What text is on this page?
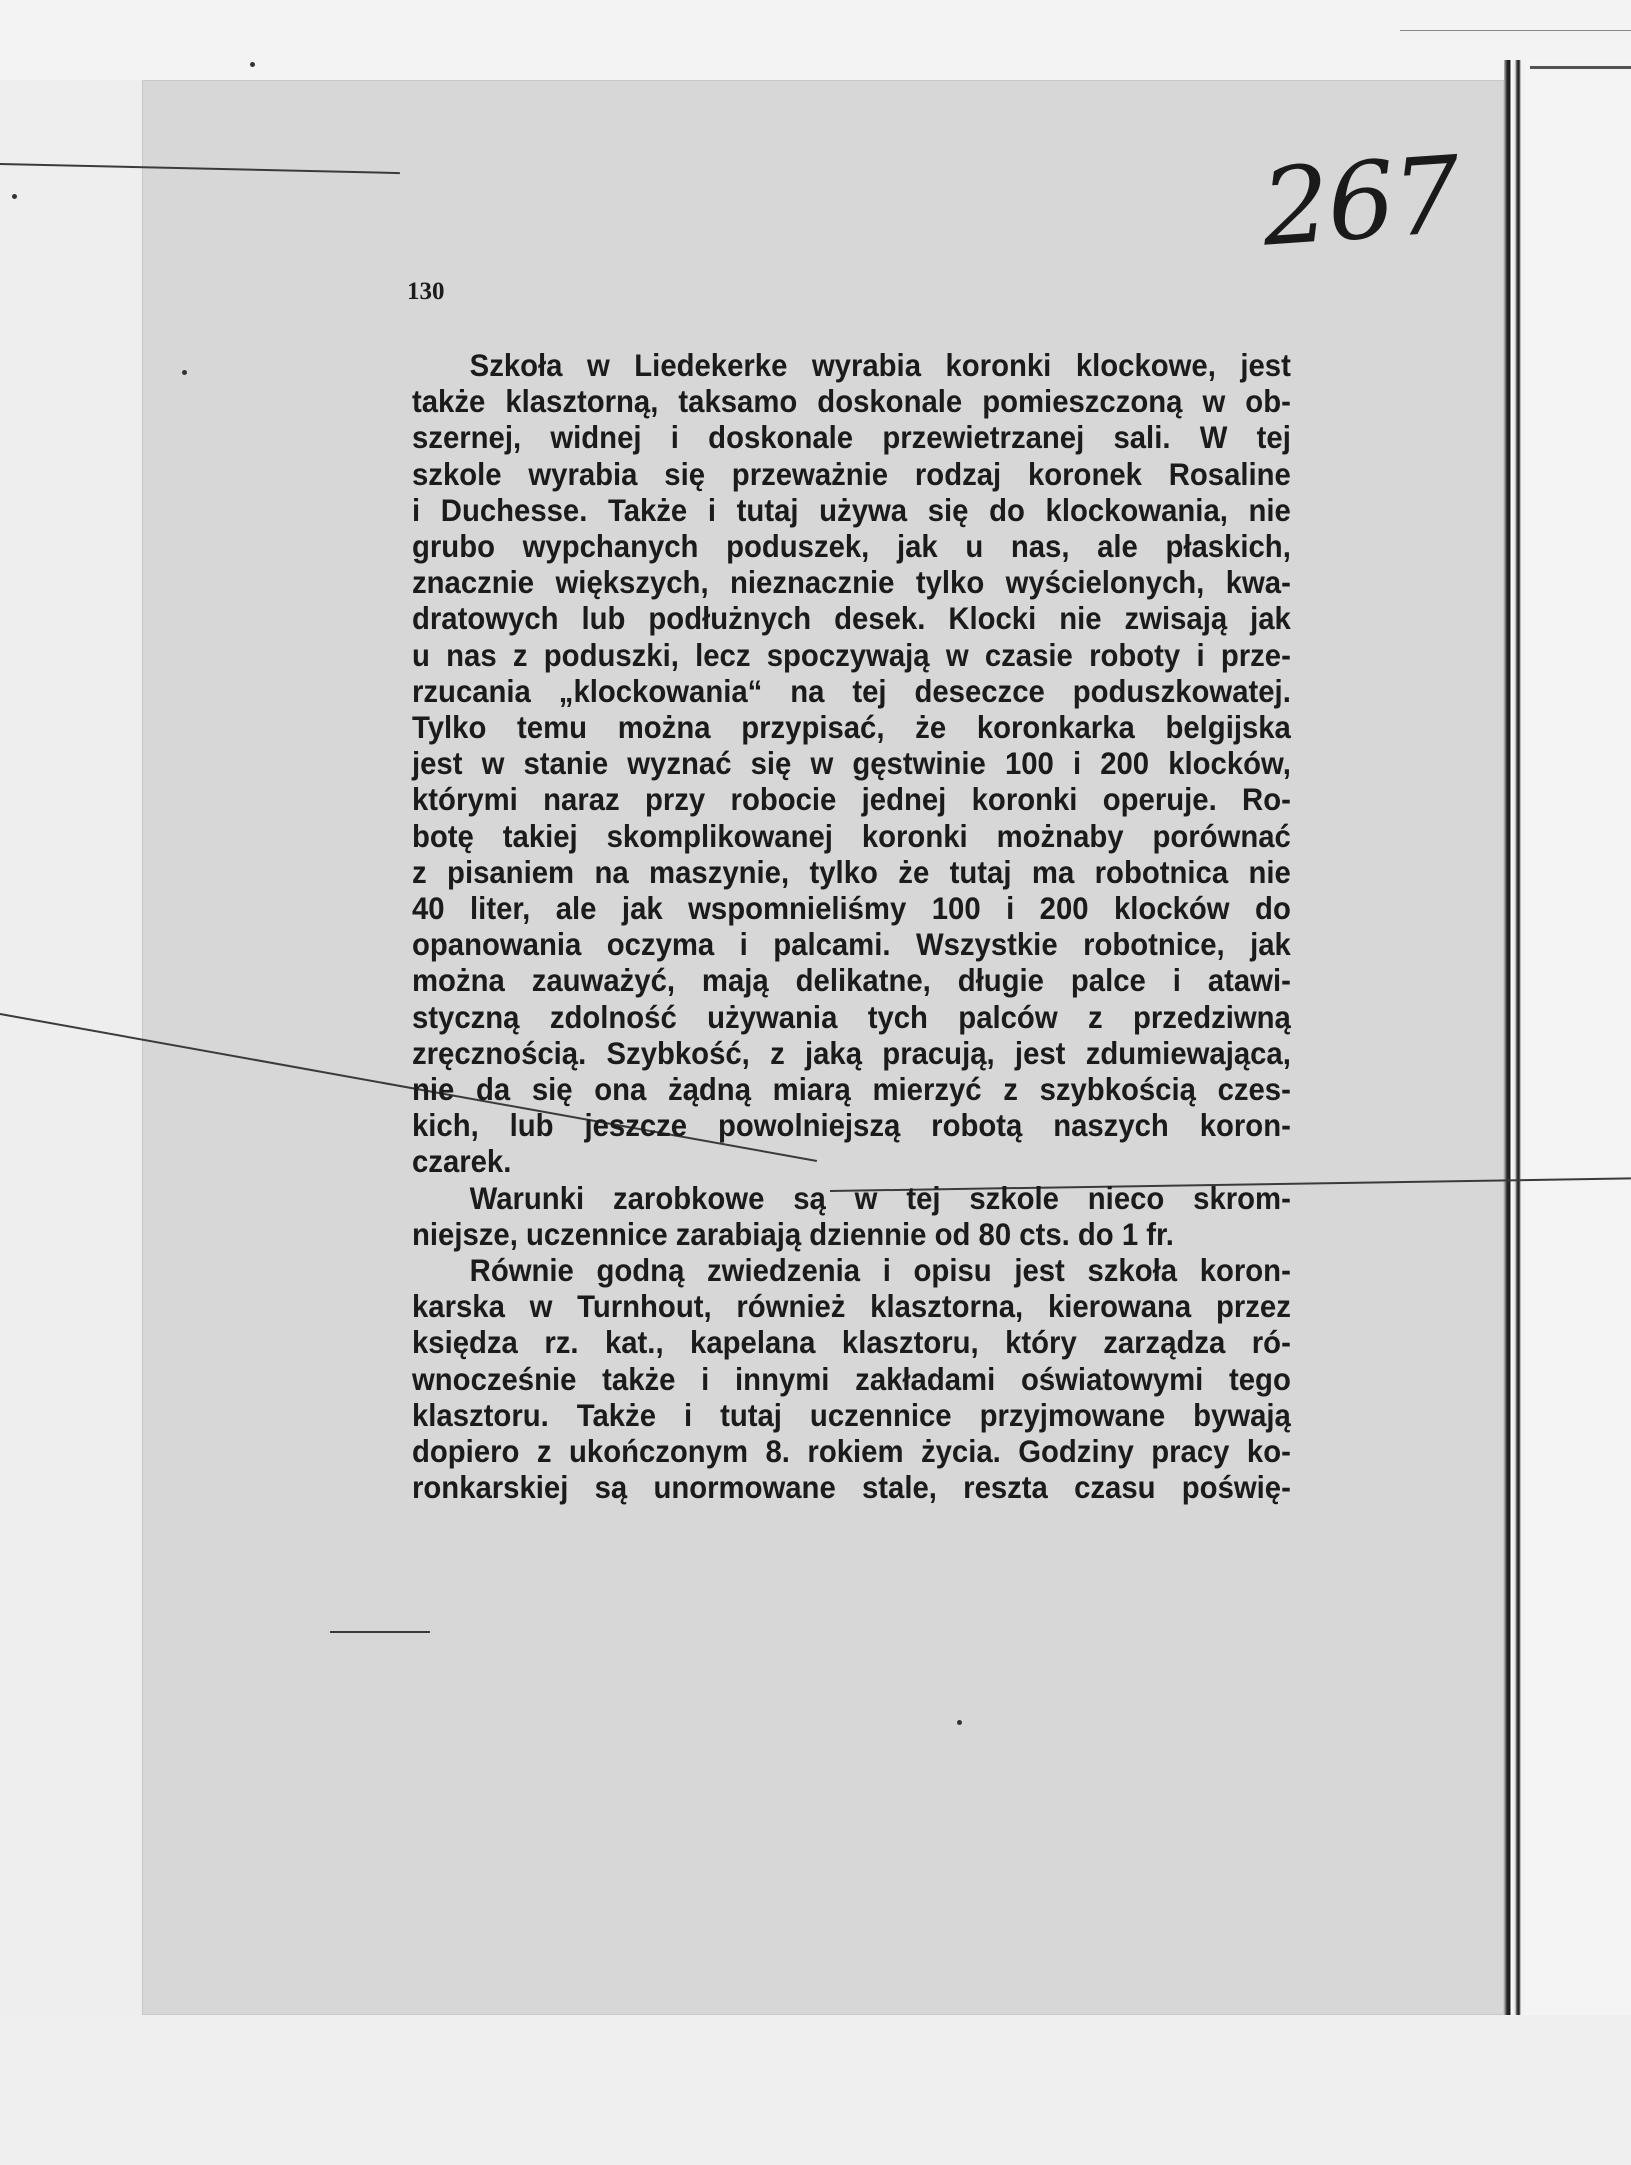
267
130

Szkoła w Liedekerke wyrabia koronki klockowe, jest
także klasztorną, taksamo doskonale pomieszczoną w ob-
szernej, widnej i doskonale przewietrzanej sali. W tej
szkole wyrabia się przeważnie rodzaj koronek Rosaline
i Duchesse. Także i tutaj używa się do klockowania, nie
grubo wypchanych poduszek, jak u nas, ale płaskich,
znacznie większych, nieznacznie tylko wyścielonych, kwa-
dratowych lub podłużnych desek. Klocki nie zwisają jak
u nas z poduszki, lecz spoczywają w czasie roboty i prze-
rzucania „klockowania“ na tej deseczce poduszkowatej.
Tylko temu można przypisać, że koronkarka belgijska
jest w stanie wyznać się w gęstwinie 100 i 200 klocków,
którymi naraz przy robocie jednej koronki operuje. Ro-
botę takiej skomplikowanej koronki możnaby porównać
z pisaniem na maszynie, tylko że tutaj ma robotnica nie
40 liter, ale jak wspomnieliśmy 100 i 200 klocków do
opanowania oczyma i palcami. Wszystkie robotnice, jak
można zauważyć, mają delikatne, długie palce i atawi-
styczną zdolność używania tych palców z przedziwną
zręcznością. Szybkość, z jaką pracują, jest zdumiewająca,
nie da się ona żądną miarą mierzyć z szybkością czes-
kich, lub jeszcze powolniejszą robotą naszych koron-
czarek.

Warunki zarobkowe są w tej szkole nieco skrom-
niejsze, uczennice zarabiają dziennie od 80 cts. do 1 fr.

Równie godną zwiedzenia i opisu jest szkoła koron-
karska w Turnhout, również klasztorna, kierowana przez
księdza rz. kat., kapelana klasztoru, który zarządza ró-
wnocześnie także i innymi zakładami oświatowymi tego
klasztoru. Także i tutaj uczennice przyjmowane bywają
dopiero z ukończonym 8. rokiem życia. Godziny pracy ko-
ronkarskiej są unormowane stale, reszta czasu poświę-
